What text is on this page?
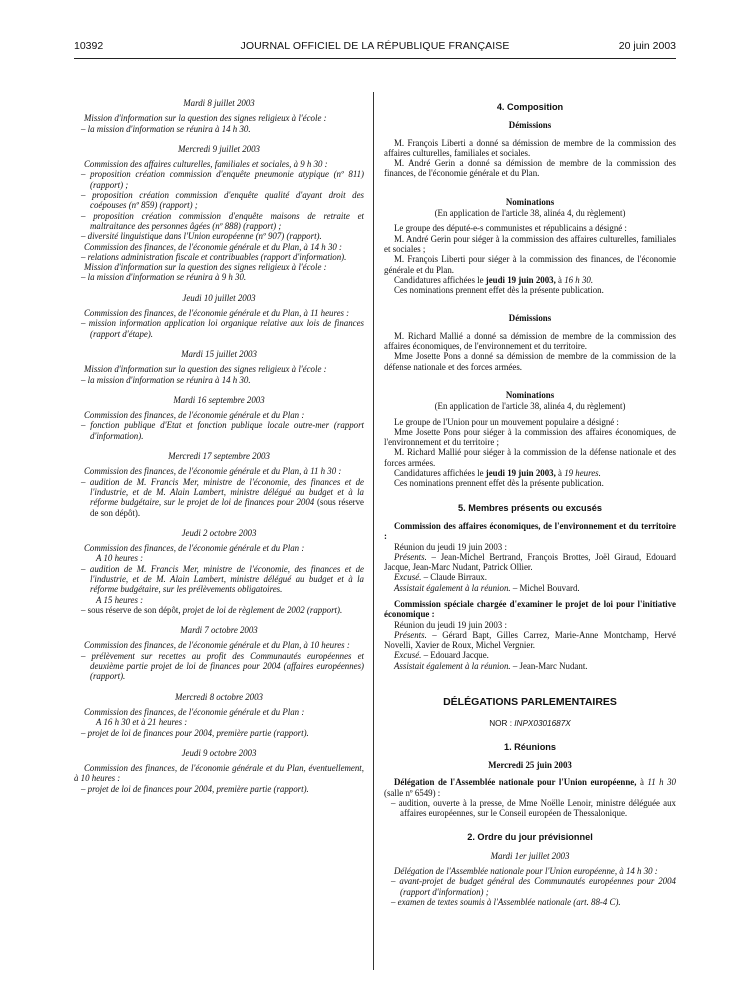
10392	JOURNAL OFFICIEL DE LA RÉPUBLIQUE FRANÇAISE	20 juin 2003
Mardi 8 juillet 2003

Mission d'information sur la question des signes religieux à l'école :

– la mission d'information se réunira à 14 h 30.
Mercredi 9 juillet 2003

Commission des affaires culturelles, familiales et sociales, à 9 h 30 :

– proposition création commission d'enquête pneumonie atypique (nº 811) (rapport) ;
– proposition création commission d'enquête qualité d'ayant droit des coépouses (nº 859) (rapport) ;
– proposition création commission d'enquête maisons de retraite et maltraitance des personnes âgées (nº 888) (rapport) ;
– diversité linguistique dans l'Union européenne (nº 907) (rapport).

Commission des finances, de l'économie générale et du Plan, à 14 h 30 :

– relations administration fiscale et contribuables (rapport d'information).

Mission d'information sur la question des signes religieux à l'école :

– la mission d'information se réunira à 9 h 30.
Jeudi 10 juillet 2003

Commission des finances, de l'économie générale et du Plan, à 11 heures :

– mission information application loi organique relative aux lois de finances (rapport d'étape).
Mardi 15 juillet 2003

Mission d'information sur la question des signes religieux à l'école :

– la mission d'information se réunira à 14 h 30.
Mardi 16 septembre 2003

Commission des finances, de l'économie générale et du Plan :

– fonction publique d'Etat et fonction publique locale outre-mer (rapport d'information).
Mercredi 17 septembre 2003

Commission des finances, de l'économie générale et du Plan, à 11 h 30 :

– audition de M. Francis Mer, ministre de l'économie, des finances et de l'industrie, et de M. Alain Lambert, ministre délégué au budget et à la réforme budgétaire, sur le projet de loi de finances pour 2004 (sous réserve de son dépôt).
Jeudi 2 octobre 2003

Commission des finances, de l'économie générale et du Plan :

A 10 heures :
– audition de M. Francis Mer, ministre de l'économie, des finances et de l'industrie, et de M. Alain Lambert, ministre délégué au budget et à la réforme budgétaire, sur les prélèvements obligatoires.
A 15 heures :
– sous réserve de son dépôt, projet de loi de règlement de 2002 (rapport).
Mardi 7 octobre 2003

Commission des finances, de l'économie générale et du Plan, à 10 heures :

– prélèvement sur recettes au profit des Communautés européennes et deuxième partie projet de loi de finances pour 2004 (affaires européennes) (rapport).
Mercredi 8 octobre 2003

Commission des finances, de l'économie générale et du Plan :

A 16 h 30 et à 21 heures :
– projet de loi de finances pour 2004, première partie (rapport).
Jeudi 9 octobre 2003

Commission des finances, de l'économie générale et du Plan, éventuellement, à 10 heures :

– projet de loi de finances pour 2004, première partie (rapport).
4. Composition
Démissions

M. François Liberti a donné sa démission de membre de la commission des affaires culturelles, familiales et sociales.

M. André Gerin a donné sa démission de membre de la commission des finances, de l'économie générale et du Plan.

Nominations
(En application de l'article 38, alinéa 4, du règlement)

Le groupe des député-e-s communistes et républicains a désigné :

M. André Gerin pour siéger à la commission des affaires culturelles, familiales et sociales ;

M. François Liberti pour siéger à la commission des finances, de l'économie générale et du Plan.

Candidatures affichées le jeudi 19 juin 2003, à 16 h 30.

Ces nominations prennent effet dès la présente publication.

Démissions

M. Richard Mallié a donné sa démission de membre de la commission des affaires économiques, de l'environnement et du territoire.

Mme Josette Pons a donné sa démission de membre de la commission de la défense nationale et des forces armées.

Nominations
(En application de l'article 38, alinéa 4, du règlement)

Le groupe de l'Union pour un mouvement populaire a désigné :

Mme Josette Pons pour siéger à la commission des affaires économiques, de l'environnement et du territoire ;

M. Richard Mallié pour siéger à la commission de la défense nationale et des forces armées.

Candidatures affichées le jeudi 19 juin 2003, à 19 heures.

Ces nominations prennent effet dès la présente publication.

5. Membres présents ou excusés

Commission des affaires économiques, de l'environnement et du territoire :

Réunion du jeudi 19 juin 2003 :

Présents. – Jean-Michel Bertrand, François Brottes, Joël Giraud, Edouard Jacque, Jean-Marc Nudant, Patrick Ollier.

Excusé. – Claude Birraux.

Assistait également à la réunion. – Michel Bouvard.

Commission spéciale chargée d'examiner le projet de loi pour l'initiative économique :

Réunion du jeudi 19 juin 2003 :

Présents. – Gérard Bapt, Gilles Carrez, Marie-Anne Montchamp, Hervé Novelli, Xavier de Roux, Michel Vergnier.

Excusé. – Edouard Jacque.

Assistait également à la réunion. – Jean-Marc Nudant.

DÉLÉGATIONS PARLEMENTAIRES
NOR : INPX0301687X
1. Réunions
Mercredi 25 juin 2003

Délégation de l'Assemblée nationale pour l'Union européenne, à 11 h 30 (salle nº 6549) :

– audition, ouverte à la presse, de Mme Noëlle Lenoir, ministre déléguée aux affaires européennes, sur le Conseil européen de Thessalonique.
2. Ordre du jour prévisionnel
Mardi 1er juillet 2003

Délégation de l'Assemblée nationale pour l'Union européenne, à 14 h 30 :

– avant-projet de budget général des Communautés européennes pour 2004 (rapport d'information) ;
– examen de textes soumis à l'Assemblée nationale (art. 88-4 C).
